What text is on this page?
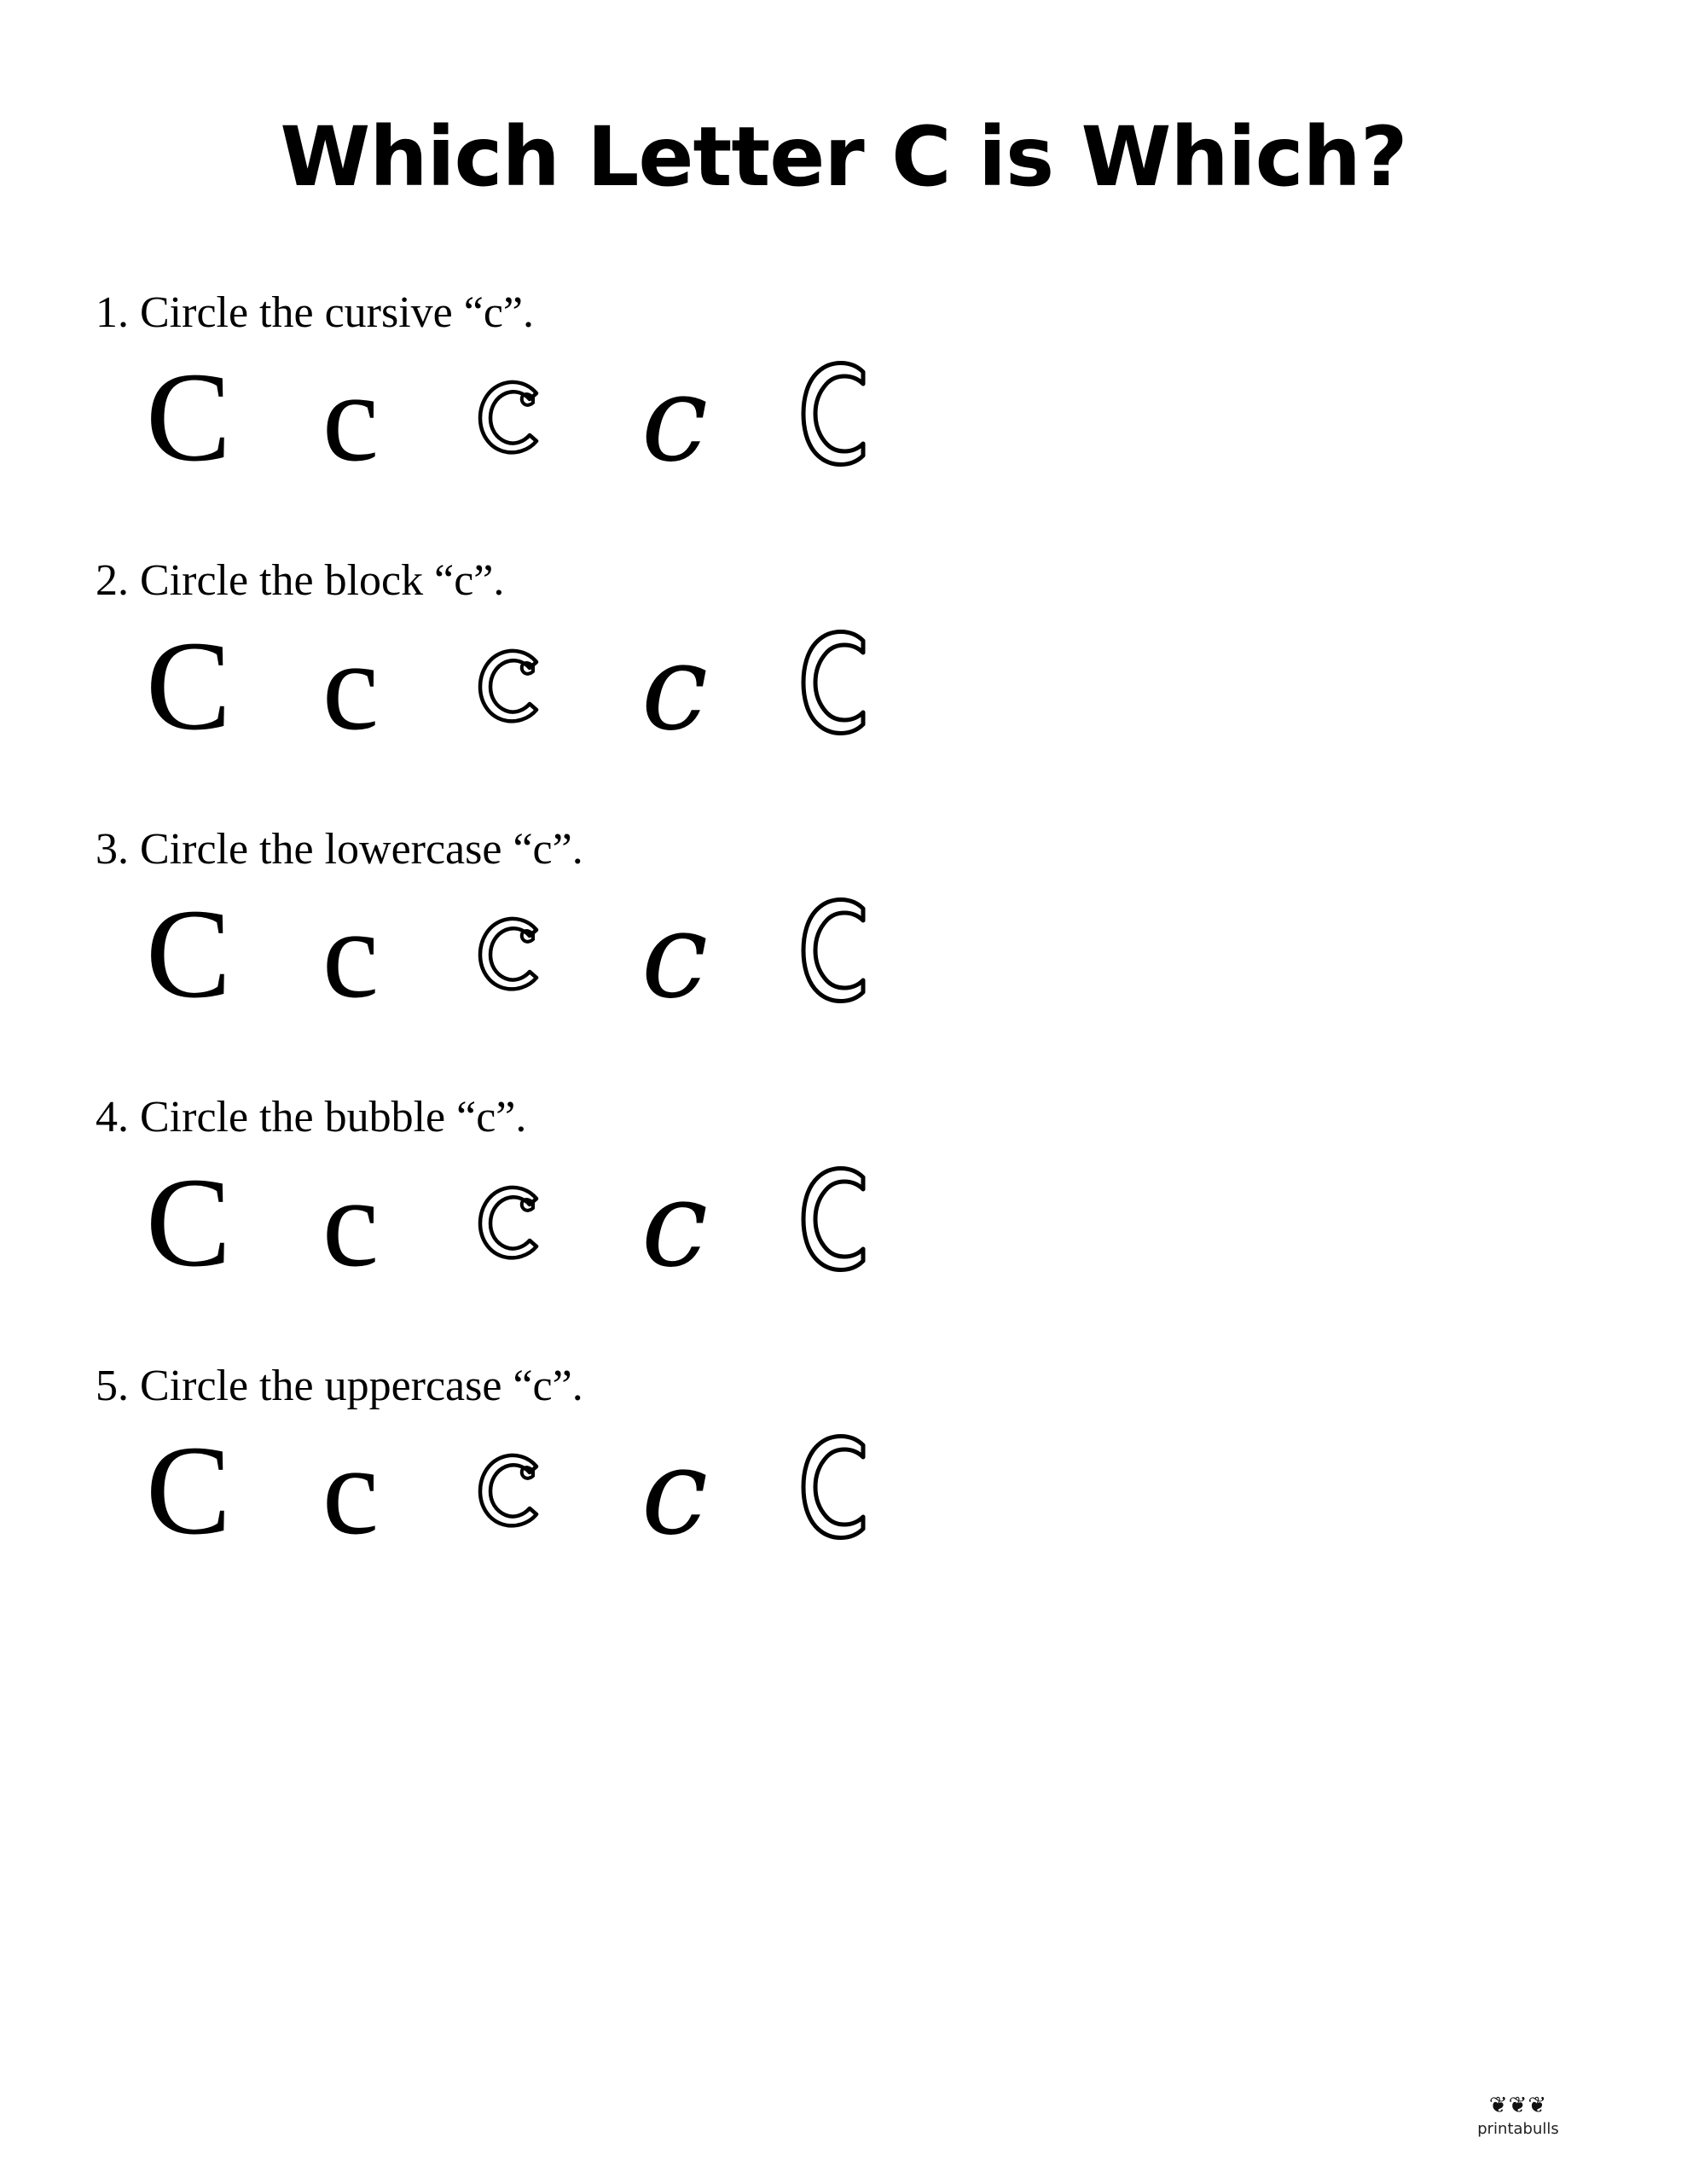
Which Letter C is Which?

1. Circle the cursive “c”.

C c	c

2. Circle the block “c”.

C c	c

3. Circle the lowercase “c”.

C c	c

4. Circle the bubble “c”.

C c	c

5. Circle the uppercase “c”.

C c	c
❦❦❦
printabulls
